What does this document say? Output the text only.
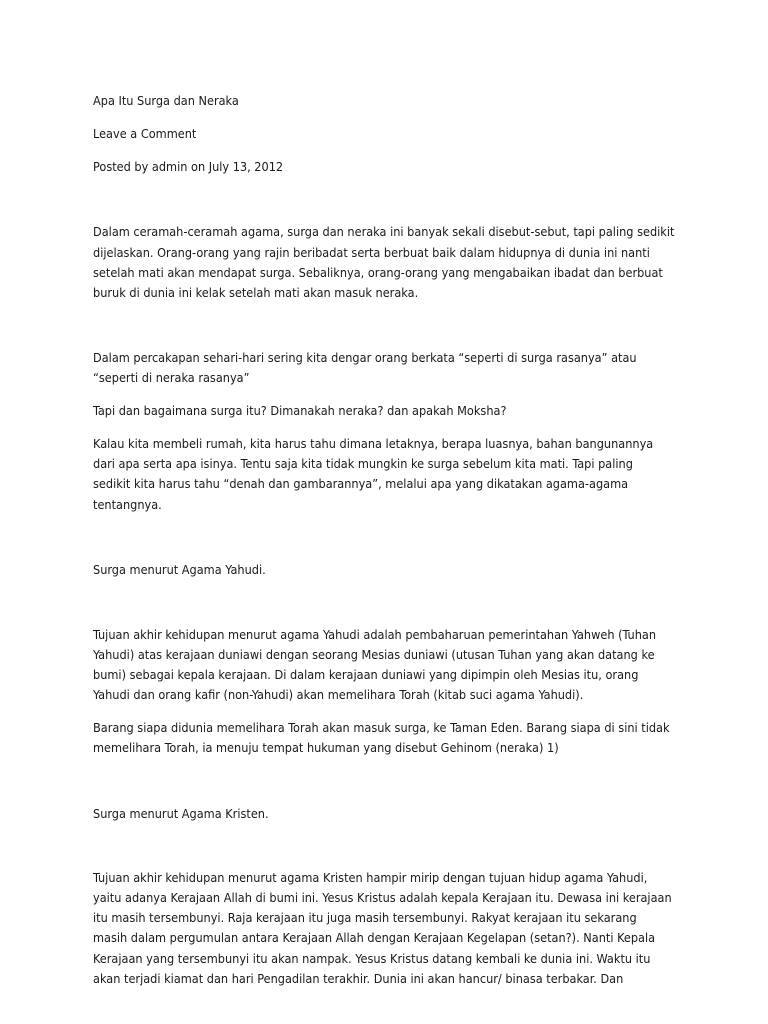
Apa Itu Surga dan Neraka
Leave a Comment
Posted by admin on July 13, 2012
Dalam ceramah-ceramah agama, surga dan neraka ini banyak sekali disebut-sebut, tapi paling sedikit
dijelaskan. Orang-orang yang rajin beribadat serta berbuat baik dalam hidupnya di dunia ini nanti
setelah mati akan mendapat surga. Sebaliknya, orang-orang yang mengabaikan ibadat dan berbuat
buruk di dunia ini kelak setelah mati akan masuk neraka.
Dalam percakapan sehari-hari sering kita dengar orang berkata “seperti di surga rasanya” atau
“seperti di neraka rasanya”
Tapi dan bagaimana surga itu? Dimanakah neraka? dan apakah Moksha?
Kalau kita membeli rumah, kita harus tahu dimana letaknya, berapa luasnya, bahan bangunannya
dari apa serta apa isinya. Tentu saja kita tidak mungkin ke surga sebelum kita mati. Tapi paling
sedikit kita harus tahu “denah dan gambarannya”, melalui apa yang dikatakan agama-agama
tentangnya.
Surga menurut Agama Yahudi.
Tujuan akhir kehidupan menurut agama Yahudi adalah pembaharuan pemerintahan Yahweh (Tuhan
Yahudi) atas kerajaan duniawi dengan seorang Mesias duniawi (utusan Tuhan yang akan datang ke
bumi) sebagai kepala kerajaan. Di dalam kerajaan duniawi yang dipimpin oleh Mesias itu, orang
Yahudi dan orang kafir (non-Yahudi) akan memelihara Torah (kitab suci agama Yahudi).
Barang siapa didunia memelihara Torah akan masuk surga, ke Taman Eden. Barang siapa di sini tidak
memelihara Torah, ia menuju tempat hukuman yang disebut Gehinom (neraka) 1)
Surga menurut Agama Kristen.
Tujuan akhir kehidupan menurut agama Kristen hampir mirip dengan tujuan hidup agama Yahudi,
yaitu adanya Kerajaan Allah di bumi ini. Yesus Kristus adalah kepala Kerajaan itu. Dewasa ini kerajaan
itu masih tersembunyi. Raja kerajaan itu juga masih tersembunyi. Rakyat kerajaan itu sekarang
masih dalam pergumulan antara Kerajaan Allah dengan Kerajaan Kegelapan (setan?). Nanti Kepala
Kerajaan yang tersembunyi itu akan nampak. Yesus Kristus datang kembali ke dunia ini. Waktu itu
akan terjadi kiamat dan hari Pengadilan terakhir. Dunia ini akan hancur/ binasa terbakar. Dan
